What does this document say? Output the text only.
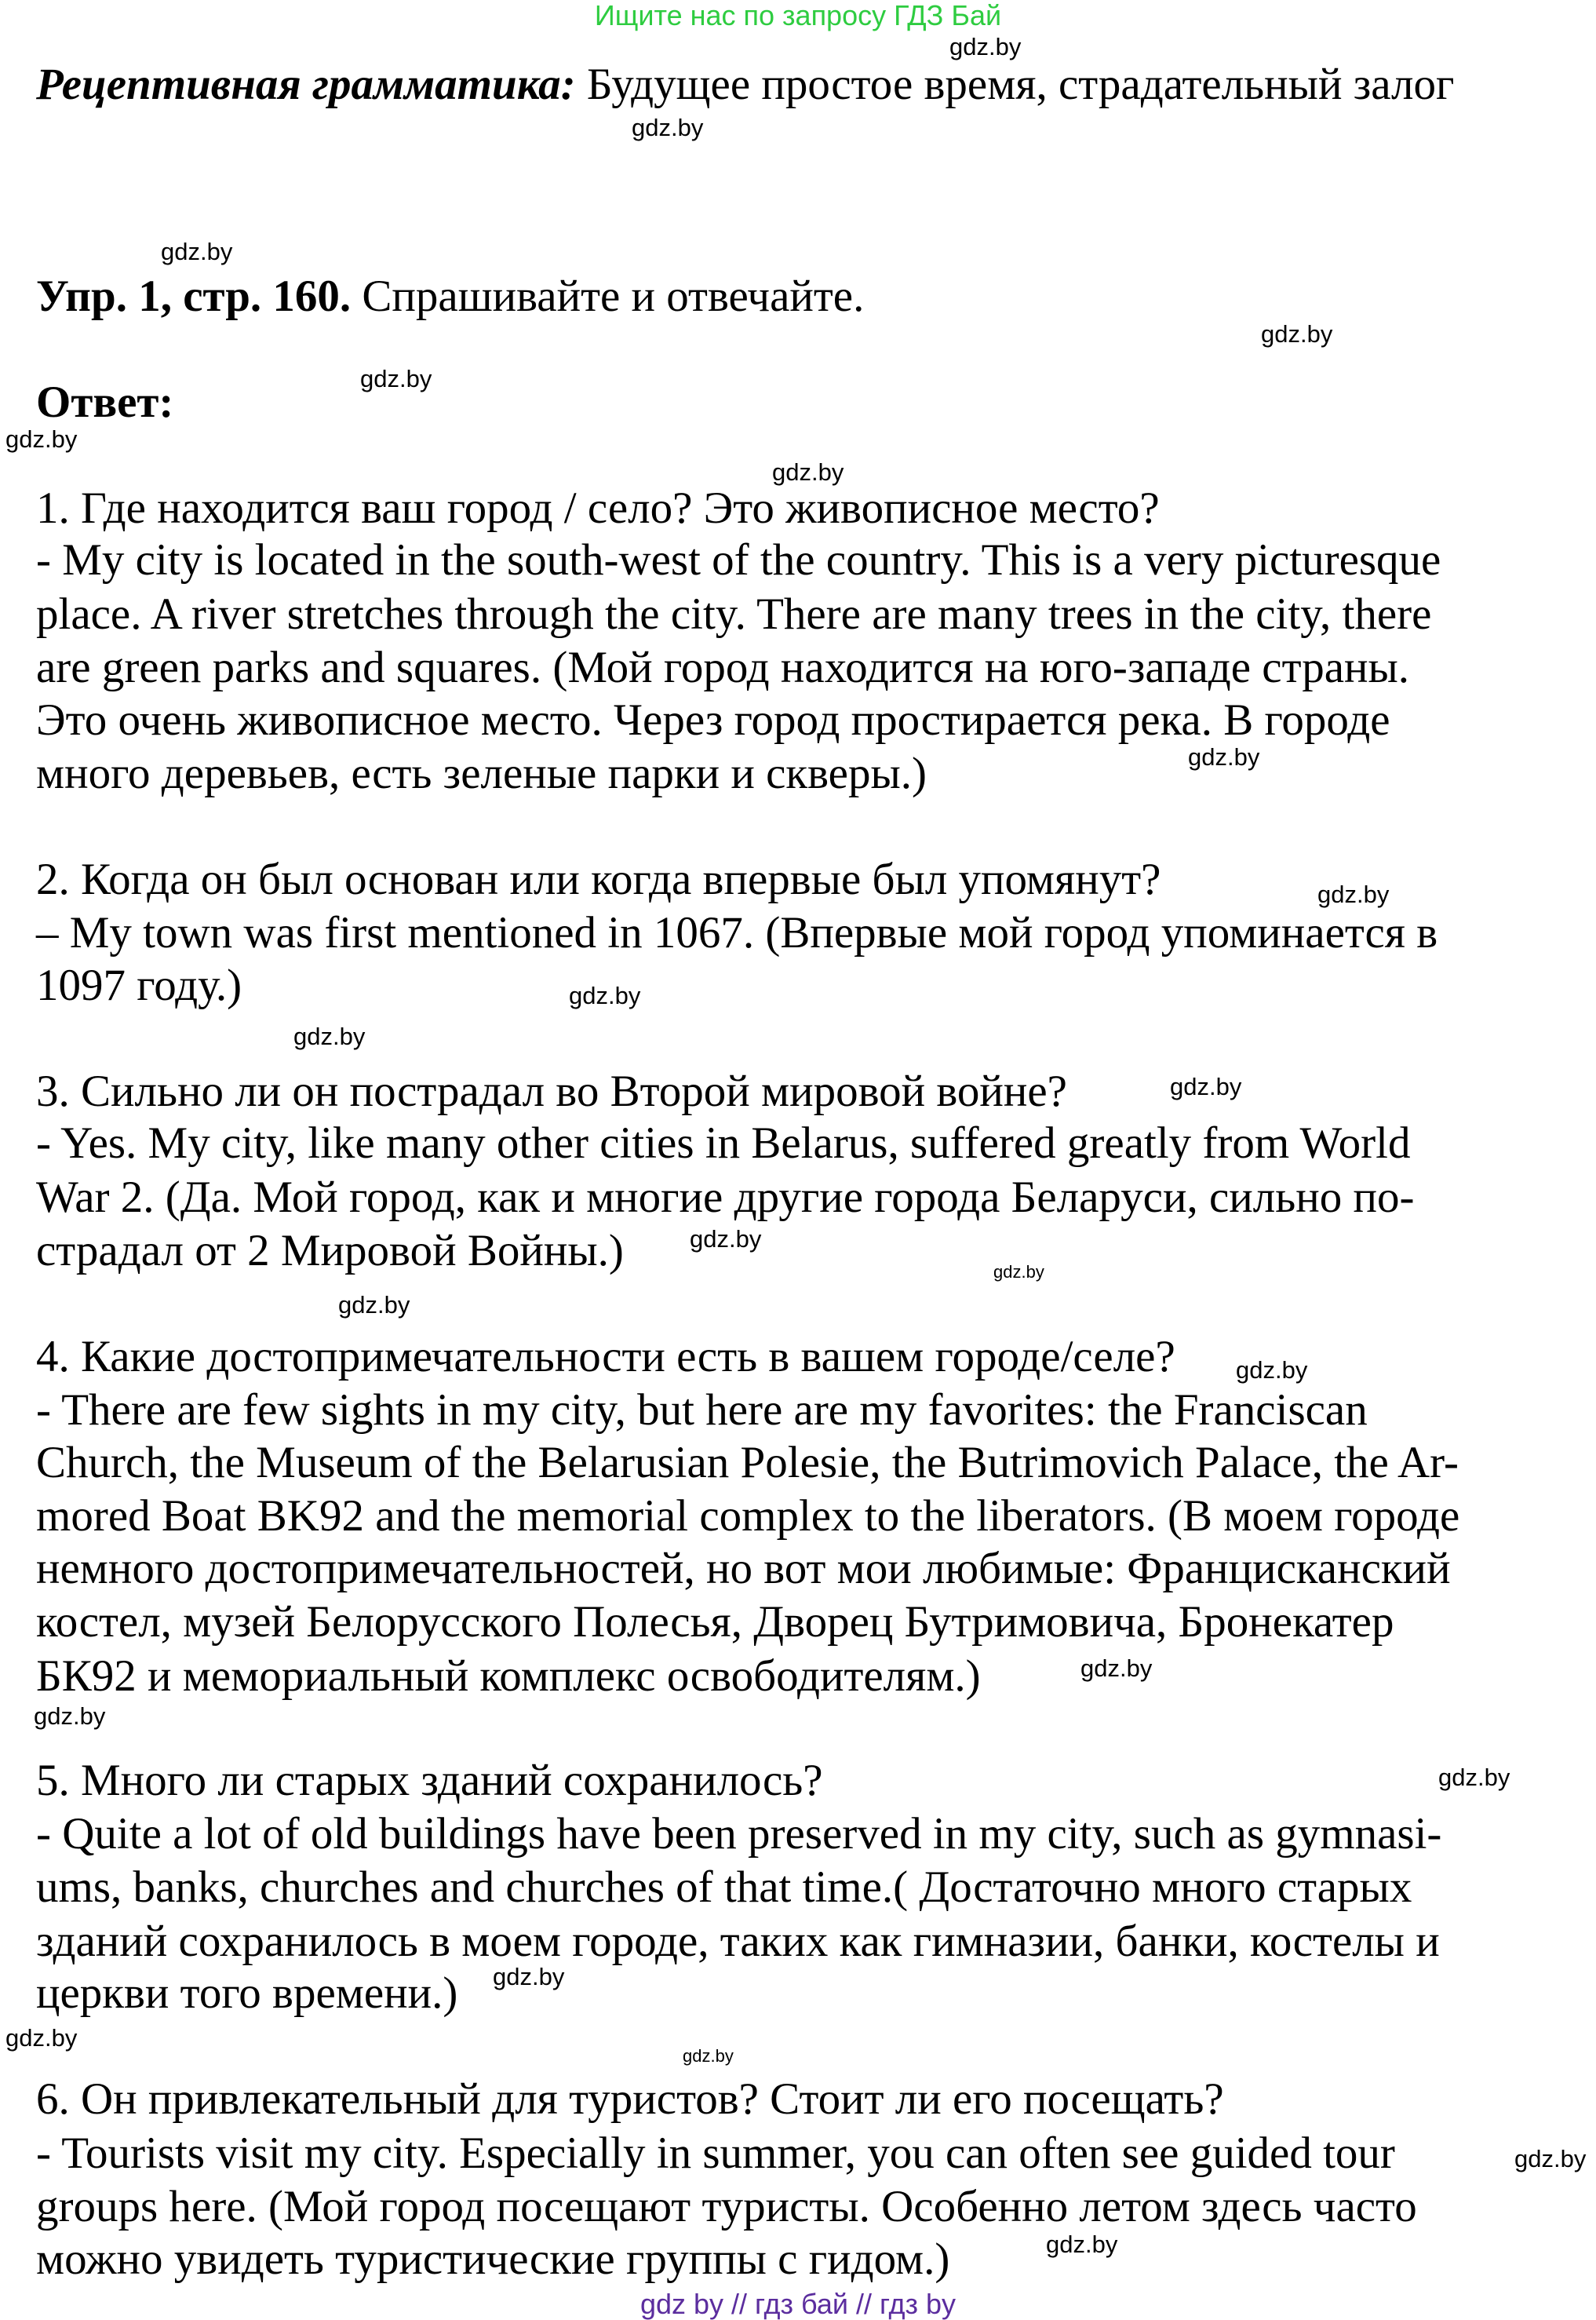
Ищите нас по запросу ГДЗ Бай
Рецептивная грамматика: Будущее простое время, страдательный залог
Упр. 1, стр. 160. Спрашивайте и отвечайте.
Ответ:
1. Где находится ваш город / село? Это живописное место?
- My city is located in the south-west of the country. This is a very picturesque
place. A river stretches through the city. There are many trees in the city, there
are green parks and squares. (Мой город находится на юго-западе страны.
Это очень живописное место. Через город простирается река. В городе
много деревьев, есть зеленые парки и скверы.)
2. Когда он был основан или когда впервые был упомянут?
– My town was first mentioned in 1067. (Впервые мой город упоминается в
1097 году.)
3. Сильно ли он пострадал во Второй мировой войне?
- Yes. My city, like many other cities in Belarus, suffered greatly from World
War 2. (Да. Мой город, как и многие другие города Беларуси, сильно по-
страдал от 2 Мировой Войны.)
4. Какие достопримечательности есть в вашем городе/селе?
- There are few sights in my city, but here are my favorites: the Franciscan
Church, the Museum of the Belarusian Polesie, the Butrimovich Palace, the Ar-
mored Boat BK92 and the memorial complex to the liberators. (В моем городе
немного достопримечательностей, но вот мои любимые: Францисканский
костел, музей Белорусского Полесья, Дворец Бутримовича, Бронекатер
БК92 и мемориальный комплекс освободителям.)
5. Много ли старых зданий сохранилось?
- Quite a lot of old buildings have been preserved in my city, such as gymnasi-
ums, banks, churches and churches of that time.( Достаточно много старых
зданий сохранилось в моем городе, таких как гимназии, банки, костелы и
церкви того времени.)
6. Он привлекательный для туристов? Стоит ли его посещать?
- Tourists visit my city. Especially in summer, you can often see guided tour
groups here. (Мой город посещают туристы. Особенно летом здесь часто
можно увидеть туристические группы с гидом.)
gdz.by
gdz.by
gdz.by
gdz.by
gdz.by
gdz.by
gdz.by
gdz.by
gdz.by
gdz.by
gdz.by
gdz.by
gdz.by
gdz.by
gdz.by
gdz.by
gdz.by
gdz.by
gdz.by
gdz.by
gdz.by
gdz.by
gdz.by
gdz.by
gdz by // гдз бай // гдз by
